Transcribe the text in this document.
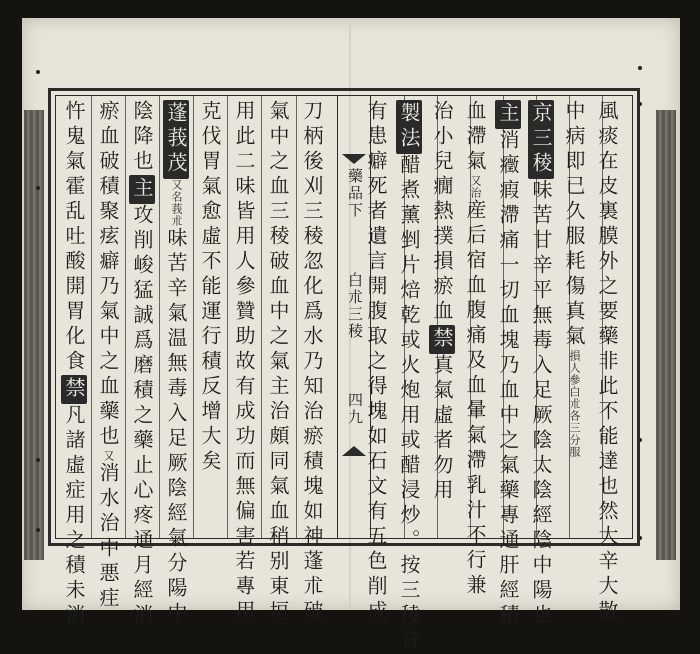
藥品下
白朮三稜
四九	風痰在皮裏膜外之要藥非此不能達也然大辛大散
中病即已久服耗傷真氣損人參白朮各三分服
京三稜味苦甘辛平無毒入足厥陰太陰經陰中陽也
主消癥瘕滯痛一切血塊乃血中之氣藥專通肝經積
血滯氣又治産后宿血腹痛及血暈氣滯乳汁不行兼
治小兒癇熱撲損瘀血禁真氣虛者勿用
製法醋煮薰剉片焙乾或火炮用或醋浸炒。按三稜昔
有患癖死者遺言開腹取之得塊如石文有五色削成
刀柄後刈三稜忽化爲水乃知治瘀積塊如神蓬朮破
氣中之血三稜破血中之氣主治頗同氣血稍别東垣
用此二味皆用人參贊助故有成功而無偏害若專用
克伐胃氣愈虛不能運行積反增大矣
蓬莪茂又名莪朮味苦辛氣温無毒入足厥陰經氣分陽中
陰降也主攻削峻猛誠爲磨積之藥止心疼通月經消
瘀血破積聚痃癖乃氣中之血藥也又消水治中悪疰
忤鬼氣霍乱吐酸開胃化食禁凡諸虛症用之積未消
